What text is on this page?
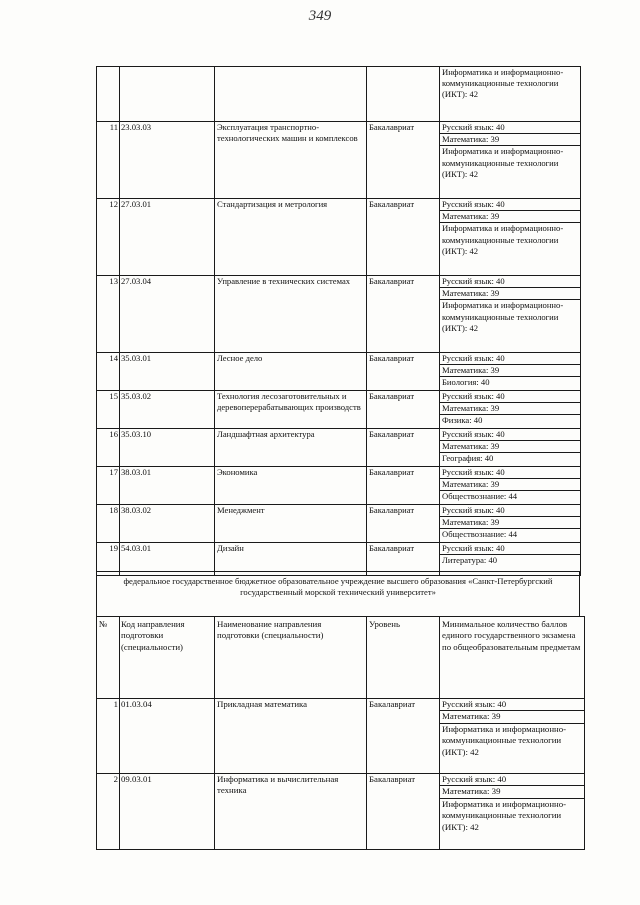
349

				Информатика и информационно-коммуникационные технологии (ИКТ): 42

11	23.03.03	Эксплуатация транспортно-технологических машин и комплексов	Бакалавриат	Русский язык: 40
Математика: 39
Информатика и информационно-коммуникационные технологии (ИКТ): 42

12	27.03.01	Стандартизация и метрология	Бакалавриат	Русский язык: 40
Математика: 39
Информатика и информационно-коммуникационные технологии (ИКТ): 42

13	27.03.04	Управление в технических системах	Бакалавриат	Русский язык: 40
Математика: 39
Информатика и информационно-коммуникационные технологии (ИКТ): 42

14	35.03.01	Лесное дело	Бакалавриат	Русский язык: 40
Математика: 39
Биология: 40

15	35.03.02	Технология лесозаготовительных и деревоперерабатывающих производств	Бакалавриат	Русский язык: 40
Математика: 39
Физика: 40

16	35.03.10	Ландшафтная архитектура	Бакалавриат	Русский язык: 40
Математика: 39
География: 40

17	38.03.01	Экономика	Бакалавриат	Русский язык: 40
Математика: 39
Обществознание: 44

18	38.03.02	Менеджмент	Бакалавриат	Русский язык: 40
Математика: 39
Обществознание: 44

19	54.03.01	Дизайн	Бакалавриат	Русский язык: 40
Литература: 40
федеральное государственное бюджетное образовательное учреждение высшего образования «Санкт-Петербургский государственный морской технический университет»
№	Код направления подготовки (специальности)	Наименование направления подготовки (специальности)	Уровень	Минимальное количество баллов единого государственного экзамена по общеобразовательным предметам
1	01.03.04	Прикладная математика	Бакалавриат	Русский язык: 40
Математика: 39
Информатика и информационно-коммуникационные технологии (ИКТ): 42

2	09.03.01	Информатика и вычислительная техника	Бакалавриат	Русский язык: 40
Математика: 39
Информатика и информационно-коммуникационные технологии (ИКТ): 42
